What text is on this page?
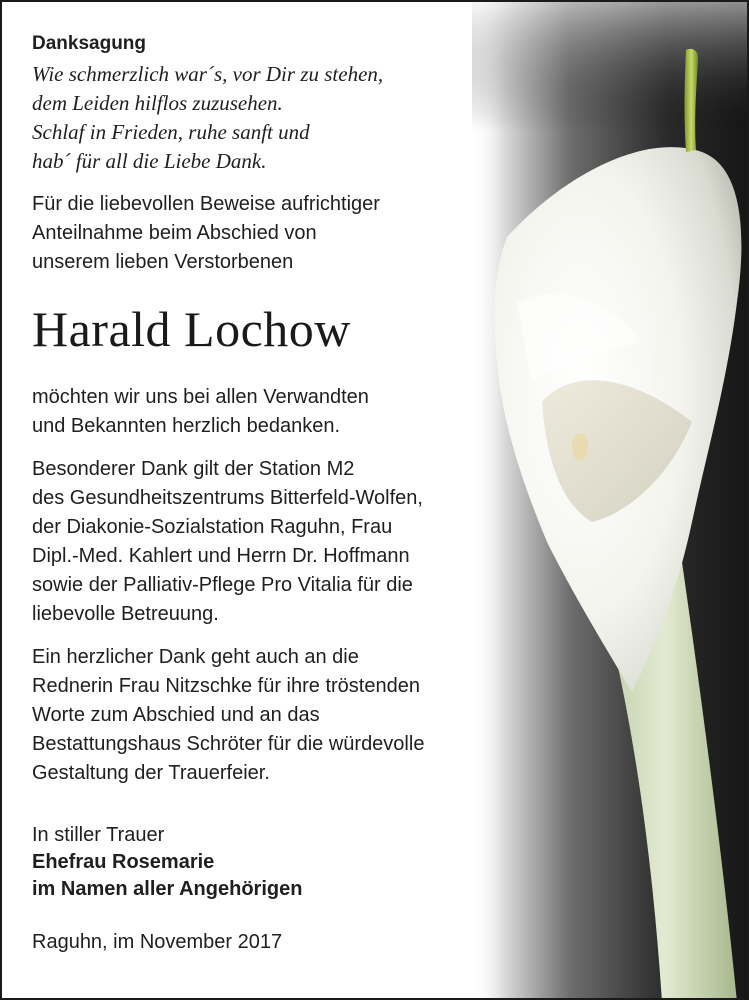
Danksagung
Wie schmerzlich war´s, vor Dir zu stehen,
dem Leiden hilflos zuzusehen.
Schlaf in Frieden, ruhe sanft und
hab´ für all die Liebe Dank.
Für die liebevollen Beweise aufrichtiger
Anteilnahme beim Abschied von
unserem lieben Verstorbenen
Harald Lochow
möchten wir uns bei allen Verwandten
und Bekannten herzlich bedanken.
Besonderer Dank gilt der Station M2
des Gesundheitszentrums Bitterfeld-Wolfen,
der Diakonie-Sozialstation Raguhn, Frau
Dipl.-Med. Kahlert und Herrn Dr. Hoffmann
sowie der Palliativ-Pflege Pro Vitalia für die
liebevolle Betreuung.
Ein herzlicher Dank geht auch an die
Rednerin Frau Nitzschke für ihre tröstenden
Worte zum Abschied und an das
Bestattungshaus Schröter für die würdevolle
Gestaltung der Trauerfeier.
In stiller Trauer
Ehefrau Rosemarie
im Namen aller Angehörigen
Raguhn, im November 2017
